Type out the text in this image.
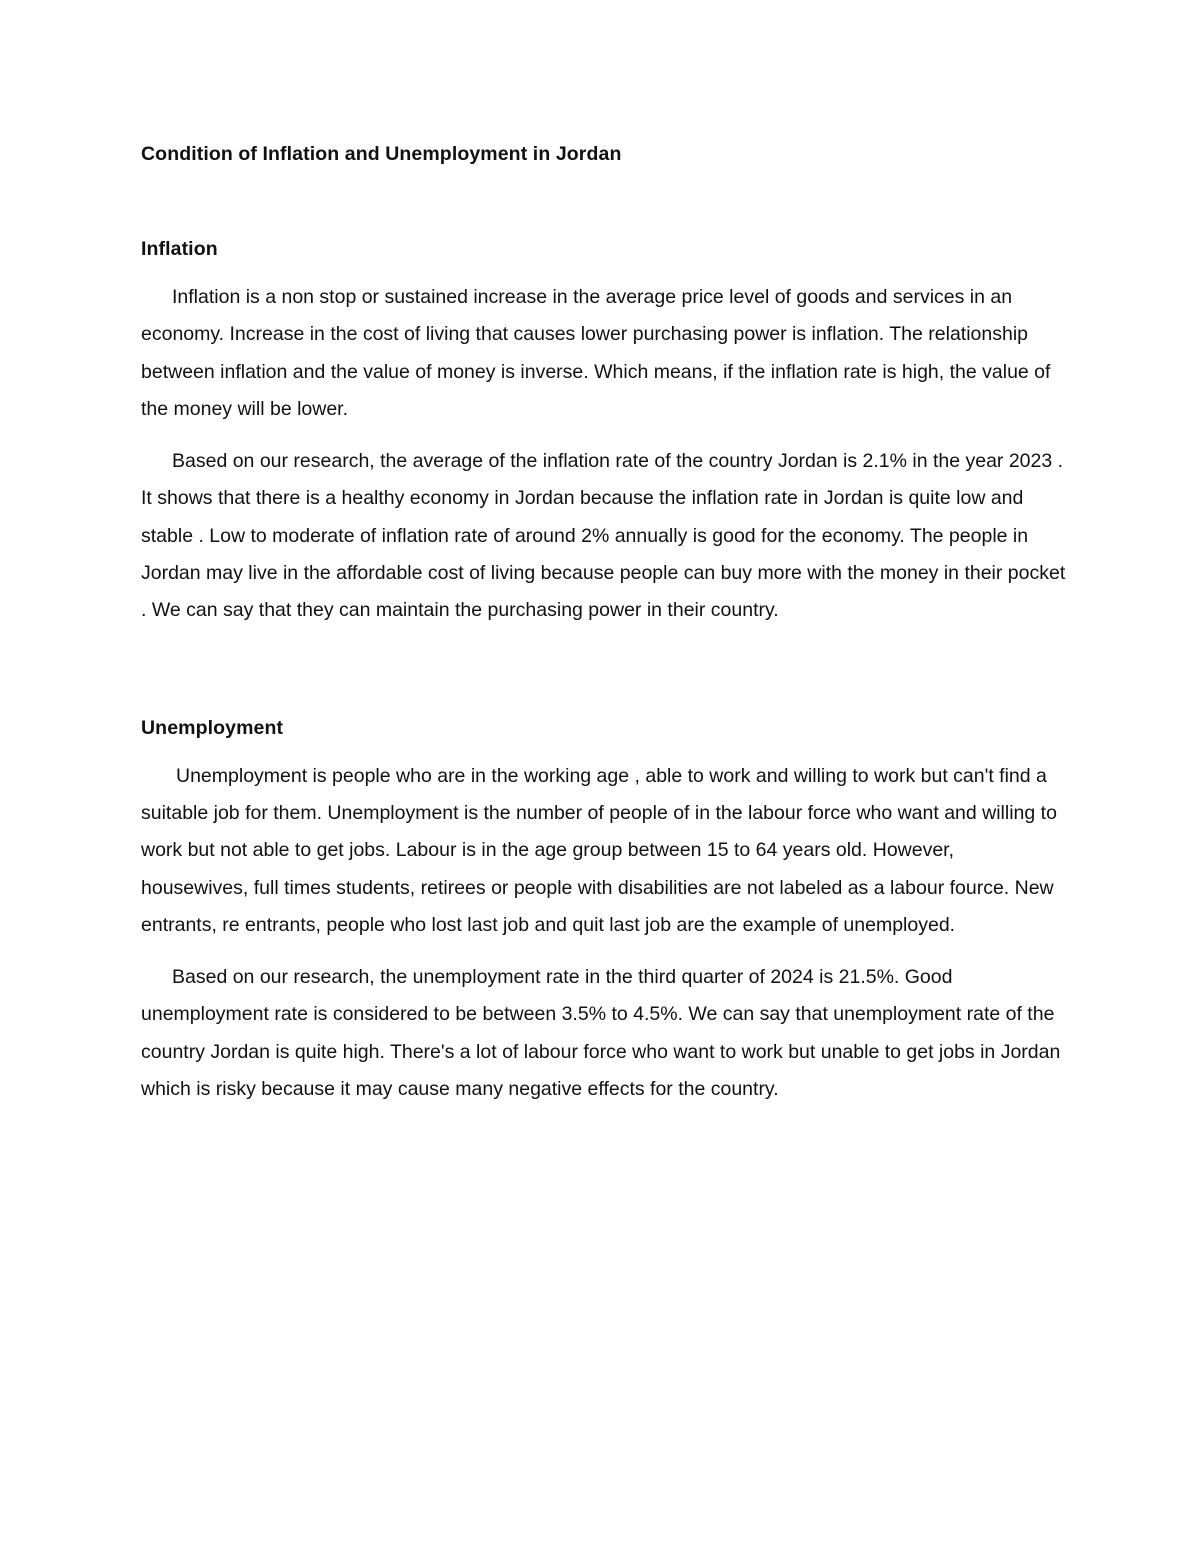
Condition of Inflation and Unemployment in Jordan
Inflation

Inflation is a non stop or sustained increase in the average price level of goods and services in an economy. Increase in the cost of living that causes lower purchasing power is inflation. The relationship between inflation and the value of money is inverse. Which means, if the inflation rate is high, the value of the money will be lower.

Based on our research, the average of the inflation rate of the country Jordan is 2.1% in the year 2023 . It shows that there is a healthy economy in Jordan because the inflation rate in Jordan is quite low and stable . Low to moderate of inflation rate of around 2% annually is good for the economy. The people in Jordan may live in the affordable cost of living because people can buy more with the money in their pocket . We can say that they can maintain the purchasing power in their country.

Unemployment

Unemployment is people who are in the working age , able to work and willing to work but can't find a suitable job for them. Unemployment is the number of people of in the labour force who want and willing to work but not able to get jobs. Labour is in the age group between 15 to 64 years old. However, housewives, full times students, retirees or people with disabilities are not labeled as a labour fource. New entrants, re entrants, people who lost last job and quit last job are the example of unemployed.

Based on our research, the unemployment rate in the third quarter of 2024 is 21.5%. Good unemployment rate is considered to be between 3.5% to 4.5%. We can say that unemployment rate of the country Jordan is quite high. There's a lot of labour force who want to work but unable to get jobs in Jordan which is risky because it may cause many negative effects for the country.
